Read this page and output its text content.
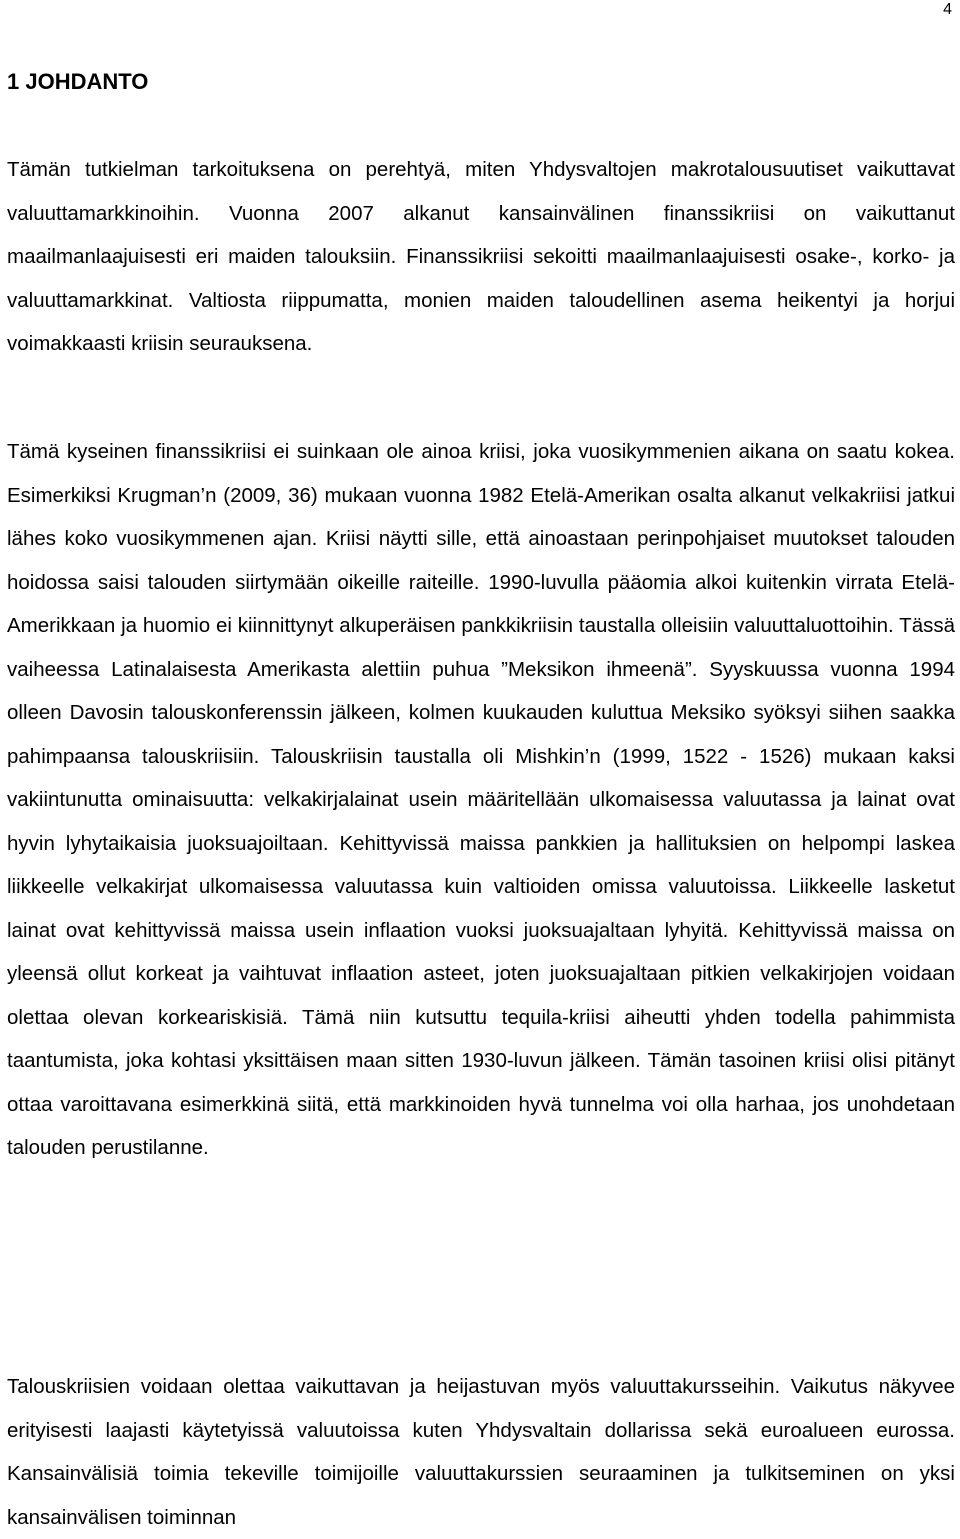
4
1 JOHDANTO

Tämän tutkielman tarkoituksena on perehtyä, miten Yhdysvaltojen makrotalousuutiset vaikuttavat valuuttamarkkinoihin. Vuonna 2007 alkanut kansainvälinen finanssikriisi on vaikuttanut maailmanlaajuisesti eri maiden talouksiin. Finanssikriisi sekoitti maailmanlaajuisesti osake-, korko- ja valuuttamarkkinat. Valtiosta riippumatta, monien maiden taloudellinen asema heikentyi ja horjui voimakkaasti kriisin seurauksena.

Tämä kyseinen finanssikriisi ei suinkaan ole ainoa kriisi, joka vuosikymmenien aikana on saatu kokea. Esimerkiksi Krugman’n (2009, 36) mukaan vuonna 1982 Etelä-Amerikan osalta alkanut velkakriisi jatkui lähes koko vuosikymmenen ajan. Kriisi näytti sille, että ainoastaan perinpohjaiset muutokset talouden hoidossa saisi talouden siirtymään oikeille raiteille. 1990-luvulla pääomia alkoi kuitenkin virrata Etelä-Amerikkaan ja huomio ei kiinnittynyt alkuperäisen pankkikriisin taustalla olleisiin valuuttaluottoihin. Tässä vaiheessa Latinalaisesta Amerikasta alettiin puhua ”Meksikon ihmeenä”. Syyskuussa vuonna 1994 olleen Davosin talouskonferenssin jälkeen, kolmen kuukauden kuluttua Meksiko syöksyi siihen saakka pahimpaansa talouskriisiin. Talouskriisin taustalla oli Mishkin’n (1999, 1522 - 1526) mukaan kaksi vakiintunutta ominaisuutta: velkakirjalainat usein määritellään ulkomaisessa valuutassa ja lainat ovat hyvin lyhytaikaisia juoksuajoiltaan. Kehittyvissä maissa pankkien ja hallituksien on helpompi laskea liikkeelle velkakirjat ulkomaisessa valuutassa kuin valtioiden omissa valuutoissa. Liikkeelle lasketut lainat ovat kehittyvissä maissa usein inflaation vuoksi juoksuajaltaan lyhyitä. Kehittyvissä maissa on yleensä ollut korkeat ja vaihtuvat inflaation asteet, joten juoksuajaltaan pitkien velkakirjojen voidaan olettaa olevan korkeariskisiä. Tämä niin kutsuttu tequila-kriisi aiheutti yhden todella pahimmista taantumista, joka kohtasi yksittäisen maan sitten 1930-luvun jälkeen. Tämän tasoinen kriisi olisi pitänyt ottaa varoittavana esimerkkinä siitä, että markkinoiden hyvä tunnelma voi olla harhaa, jos unohdetaan talouden perustilanne.

Talouskriisien voidaan olettaa vaikuttavan ja heijastuvan myös valuuttakursseihin. Vaikutus näkyvee erityisesti laajasti käytetyissä valuutoissa kuten Yhdysvaltain dollarissa sekä euroalueen eurossa. Kansainvälisiä toimia tekeville toimijoille valuuttakurssien seuraaminen ja tulkitseminen on yksi kansainvälisen toiminnan
